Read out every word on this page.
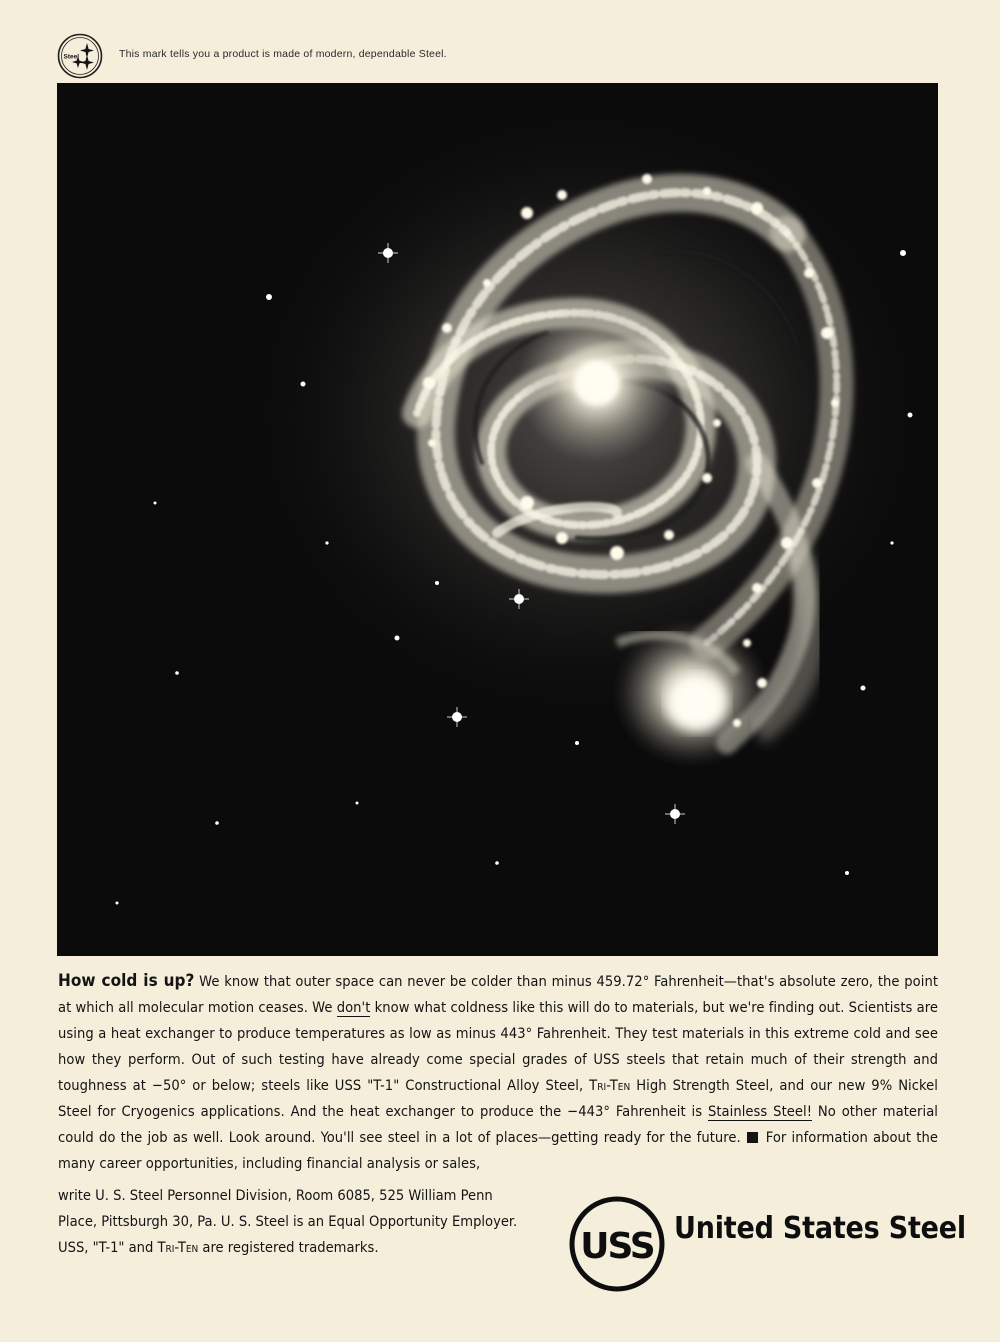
Steel	This mark tells you a product is made of modern, dependable Steel.
How cold is up? We know that outer space can never be colder than minus 459.72° Fahrenheit—that's absolute zero, the point at which all molecular motion ceases. We don't know what coldness like this will do to materials, but we're finding out. Scientists are using a heat exchanger to produce temperatures as low as minus 443° Fahrenheit. They test materials in this extreme cold and see how they perform. Out of such testing have already come special grades of USS steels that retain much of their strength and toughness at −50° or below; steels like USS "T-1" Constructional Alloy Steel, Tri-Ten High Strength Steel, and our new 9% Nickel Steel for Cryogenics applications. And the heat exchanger to produce the −443° Fahrenheit is Stainless Steel! No other material could do the job as well. Look around. You'll see steel in a lot of places—getting ready for the future. For information about the many career opportunities, including financial analysis or sales,
write U. S. Steel Personnel Division, Room 6085, 525 William Penn
Place, Pittsburgh 30, Pa. U. S. Steel is an Equal Opportunity Employer.
USS, "T-1" and Tri-Ten are registered trademarks.	USS United States Steel
